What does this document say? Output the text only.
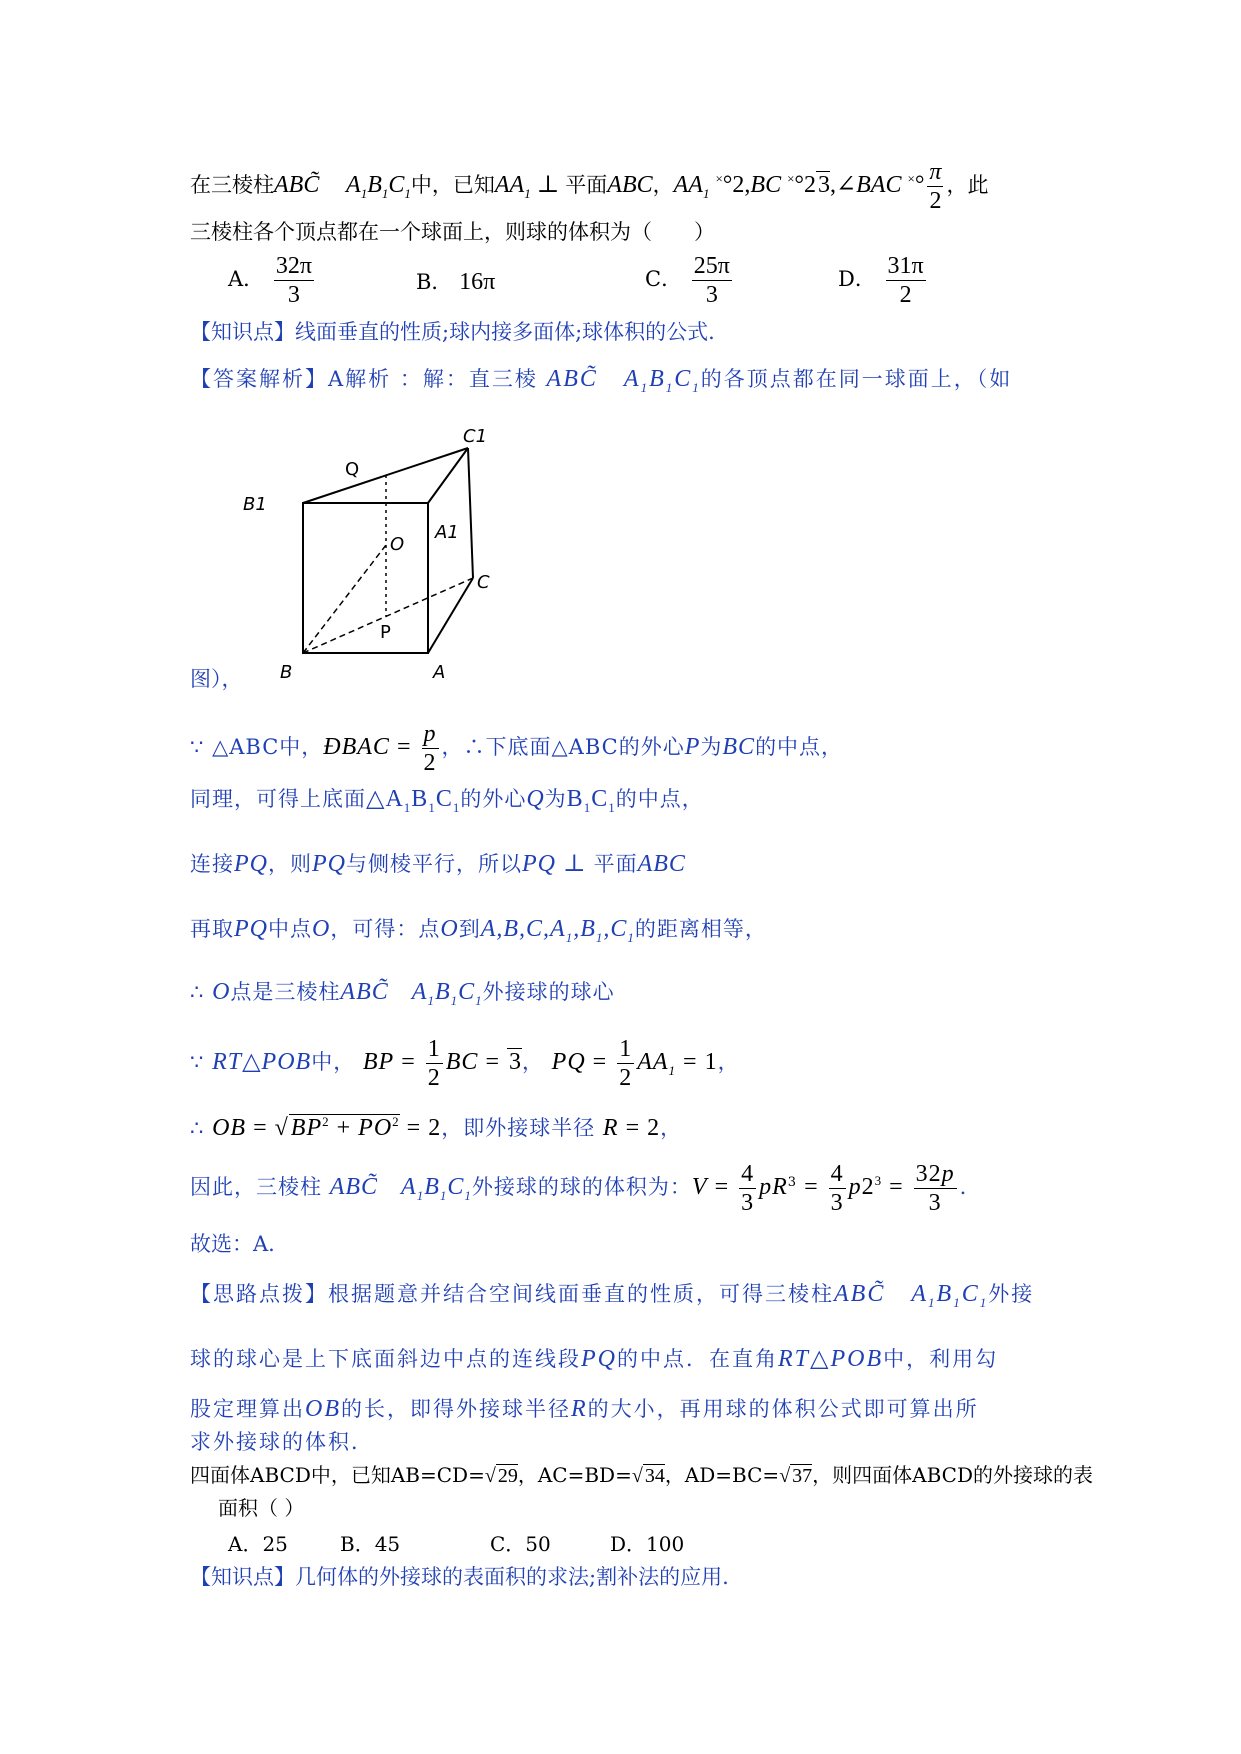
在三棱柱ABC̃ $A_1B_1C_1$中，已知$AA_1$ ⊥ 平面ABC，$AA_1$ ×°2,BC ×°23,∠BAC $^\times^\circ \frac{\pi}{2}$ ，此
三棱柱各个顶点都在一个球面上，则球的体积为（　　）
A． $\frac{32\pi}{3}$	B． 16π	C． $\frac{25\pi}{3}$	D． $\frac{31\pi}{2}$
【知识点】线面垂直的性质;球内接多面体;球体积的公式.
【答案解析】A解析 ：解：直三棱 ABC̃ $A_1B_1C_1$的各顶点都在同一球面上，（如
Q
C1
B1
A1
O
C
P
B	A
图），
∵ △ABC中，ÐBAC = $\frac{p}{2}$ ，∴下底面△ABC的外心P为BC的中点，
同理，可得上底面$\triangle A_1B_1C_1$的外心Q为$B_1C_1$的中点，
连接PQ，则PQ与侧棱平行，所以PQ ⊥ 平面ABC
再取PQ中点O，可得：点O到$A,B,C,A_1,B_1,C_1$的距离相等，
∴ O点是三棱柱ABC̃ $A_1B_1C_1$外接球的球心
∵ RT△POB中， BP = $\frac{1}{2}$ BC = 3， PQ = $\frac{1}{2} AA_1 = 1$，
∴ OB = $√BP^2 + PO^2 = 2$，即外接球半径 R = 2，
因此，三棱柱 ABC̃ $A_1B_1C_1$外接球的球的体积为：$V = \frac{4}{3} pR^3 = \frac{4}{3} p2^3 = \frac{32p}{3}$ .
故选：A.
【思路点拨】根据题意并结合空间线面垂直的性质，可得三棱柱ABC̃ $A_1B_1C_1$外接
球的球心是上下底面斜边中点的连线段PQ的中点．在直角RT△POB中，利用勾
股定理算出OB的长，即得外接球半径R的大小，再用球的体积公式即可算出所
求外接球的体积．
四面体ABCD中，已知AB=CD=√ 29，AC=BD=√ 34，AD=BC=√ 37，则四面体ABCD的外接球的表
面积（ ）
A．25	B．45	C．50	D．100
【知识点】几何体的外接球的表面积的求法;割补法的应用.
